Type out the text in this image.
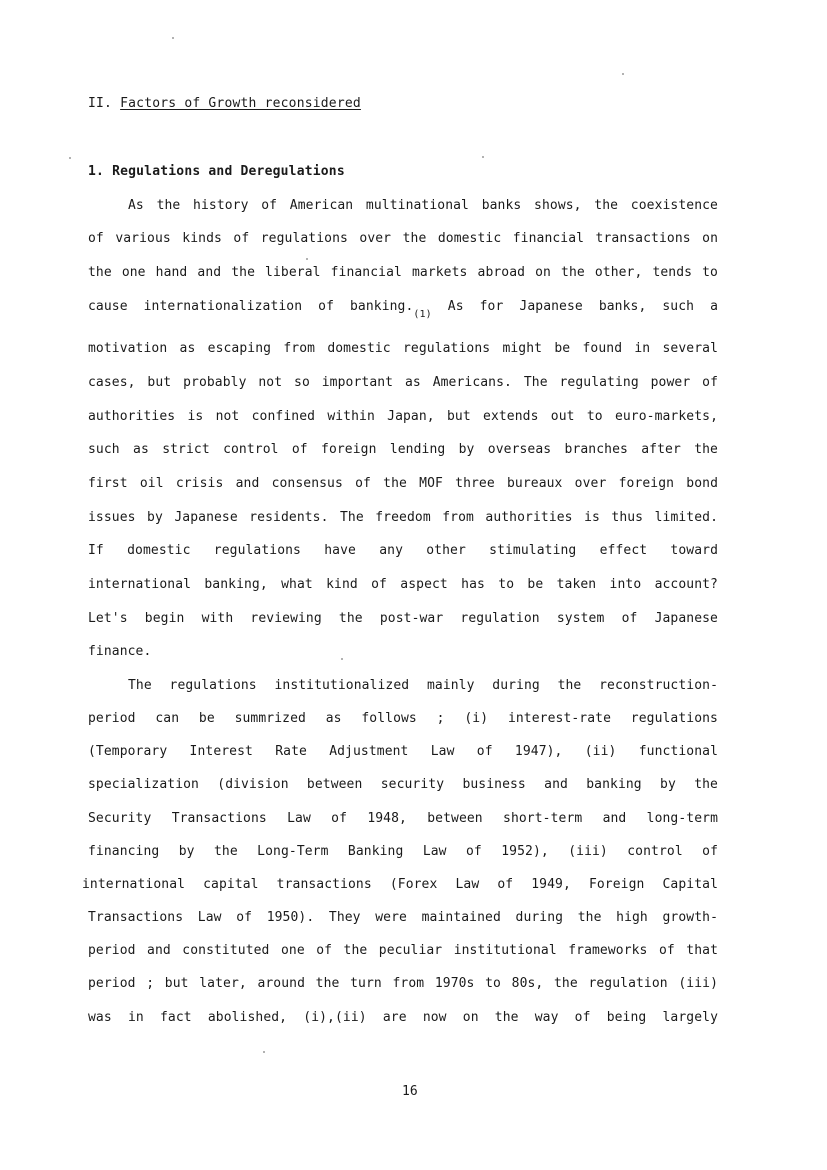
II. Factors of Growth reconsidered
1. Regulations and Deregulations
As the history of American multinational banks shows, the coexistence
of various kinds of regulations over the domestic financial transactions on
the one hand and the liberal financial markets abroad on the other, tends to
cause internationalization of $banking._{(1)}$ As for Japanese banks, such a
motivation as escaping from domestic regulations might be found in several
cases, but probably not so important as Americans. The regulating power of
authorities is not confined within Japan, but extends out to euro-markets,
such as strict control of foreign lending by overseas branches after the
first oil crisis and consensus of the MOF three bureaux over foreign bond
issues by Japanese residents. The freedom from authorities is thus limited.
If domestic regulations have any other stimulating effect toward
international banking, what kind of aspect has to be taken into account?
Let's begin with reviewing the post-war regulation system of Japanese
finance.
The regulations institutionalized mainly during the reconstruction-
period can be summrized as follows ; (i) interest-rate regulations
(Temporary Interest Rate Adjustment Law of 1947), (ii) functional
specialization (division between security business and banking by the
Security Transactions Law of 1948, between short-term and long-term
financing by the Long-Term Banking Law of 1952), (iii) control of
international capital transactions (Forex Law of 1949, Foreign Capital
Transactions Law of 1950). They were maintained during the high growth-
period and constituted one of the peculiar institutional frameworks of that
period ; but later, around the turn from 1970s to 80s, the regulation (iii)
was in fact abolished, (i),(ii) are now on the way of being largely
16
